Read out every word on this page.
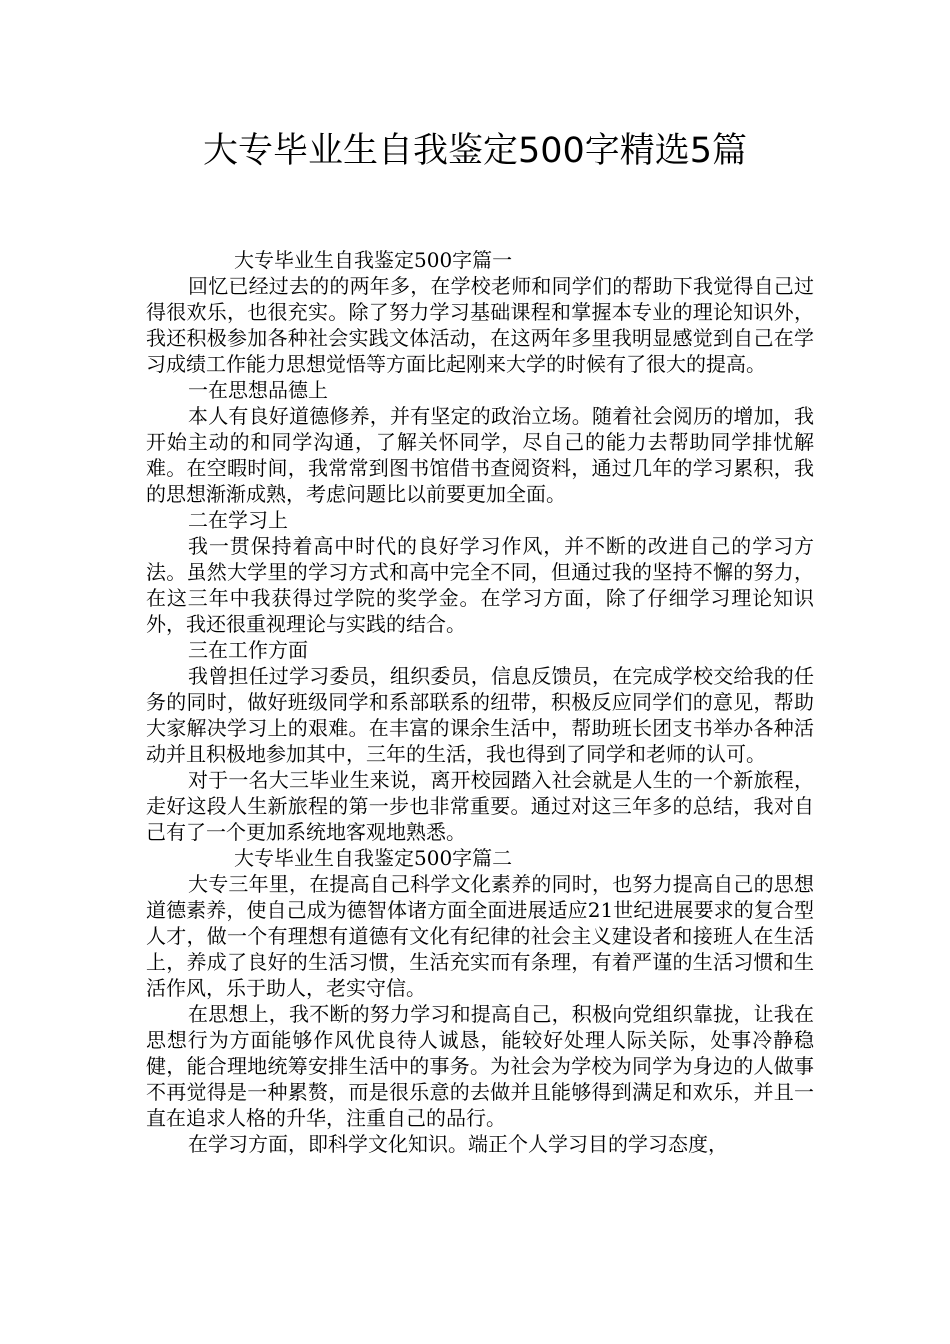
大专毕业生自我鉴定500字精选5篇

大专毕业生自我鉴定500字篇一

回忆已经过去的的两年多，在学校老师和同学们的帮助下我觉得自己过得很欢乐，也很充实。除了努力学习基础课程和掌握本专业的理论知识外，我还积极参加各种社会实践文体活动，在这两年多里我明显感觉到自己在学习成绩工作能力思想觉悟等方面比起刚来大学的时候有了很大的提高。

一在思想品德上

本人有良好道德修养，并有坚定的政治立场。随着社会阅历的增加，我开始主动的和同学沟通，了解关怀同学，尽自己的能力去帮助同学排忧解难。在空暇时间，我常常到图书馆借书查阅资料，通过几年的学习累积，我的思想渐渐成熟，考虑问题比以前要更加全面。

二在学习上

我一贯保持着高中时代的良好学习作风，并不断的改进自己的学习方法。虽然大学里的学习方式和高中完全不同，但通过我的坚持不懈的努力，在这三年中我获得过学院的奖学金。在学习方面，除了仔细学习理论知识外，我还很重视理论与实践的结合。

三在工作方面

我曾担任过学习委员，组织委员，信息反馈员，在完成学校交给我的任务的同时，做好班级同学和系部联系的纽带，积极反应同学们的意见，帮助大家解决学习上的艰难。在丰富的课余生活中，帮助班长团支书举办各种活动并且积极地参加其中，三年的生活，我也得到了同学和老师的认可。

对于一名大三毕业生来说，离开校园踏入社会就是人生的一个新旅程，走好这段人生新旅程的第一步也非常重要。通过对这三年多的总结，我对自己有了一个更加系统地客观地熟悉。

大专毕业生自我鉴定500字篇二

大专三年里，在提高自己科学文化素养的同时，也努力提高自己的思想道德素养，使自己成为德智体诸方面全面进展适应21世纪进展要求的复合型人才，做一个有理想有道德有文化有纪律的社会主义建设者和接班人在生活上，养成了良好的生活习惯，生活充实而有条理，有着严谨的生活习惯和生活作风，乐于助人，老实守信。

在思想上，我不断的努力学习和提高自己，积极向党组织靠拢，让我在思想行为方面能够作风优良待人诚恳，能较好处理人际关际，处事冷静稳健，能合理地统筹安排生活中的事务。为社会为学校为同学为身边的人做事不再觉得是一种累赘，而是很乐意的去做并且能够得到满足和欢乐，并且一直在追求人格的升华，注重自己的品行。

在学习方面，即科学文化知识。端正个人学习目的学习态度，
